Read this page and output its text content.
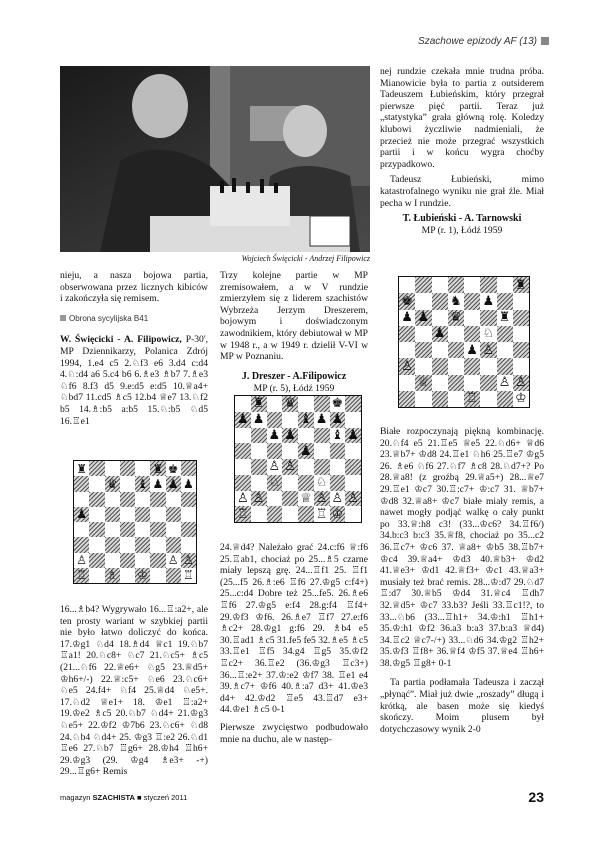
Szachowe epizody AF (13)
Wojciech Święcicki - Andrzej Filipowicz

nieju, a nasza bojowa partia, obserwowana przez licznych kibiców i zakończyła się remisem.

Obrona sycylijska B41

W. Święcicki - A. Filipowicz, P-30', MP Dziennikarzy, Polanica Zdrój 1994, 1.e4 c5 2.♘f3 e6 3.d4 c:d4 4.♘:d4 a6 5.c4 b6 6.♗e3 ♗b7 7.♗e3 ♘f6 8.f3 d5 9.e:d5 e:d5 10.♕a4+ ♘bd7 11.cd5 ♗c5 12.b4 ♕e7 13.♘f2 b5 14.♗:b5 a:b5 15.♘:b5 ♘d5 16.♖e1

♜	♜ ♚
♛ ♝ ♟ ♟ ♟
♟
♙	♙ ♙
♖ ♗ ♔	♖

16...♗b4? Wygrywało 16...♖:a2+, ale ten prosty wariant w szybkiej partii nie było łatwo doliczyć do końca. 17.♔g1 ♘d4 18.♗d4 ♕c1 19.♘b7 ♖a1! 20.♘c8+ ♘c7 21.♘c5+ ♗c5 (21...♘f6 22.♕e6+ ♘g5 23.♕d5+ ♔h6+/-) 22.♕:c5+ ♘e6 23.♘c6+ ♘e5 24.f4+ ♘f4 25.♕d4 ♘e5+. 17.♘d2 ♕e1+ 18. ♔e1 ♖:a2+ 19.♔e2 ♗c5 20.♘b7 ♘d4+ 21.♔g3 ♘e5+ 22.♔f2 ♔7b6 23.♘c6+ ♘d8 24.♘b4 ♘d4+ 25. ♔g3 ♖:e2 26.♘d1 ♖e6 27.♘b7 ♖g6+ 28.♔h4 ♖h6+ 29.♔g3 (29. ♔g4 ♗e3+ -+) 29...♖g6+ Remis

Trzy kolejne partie w MP zremisowałem, a w V rundzie zmierzyłem się z liderem szachistów Wybrzeża Jerzym Dreszerem, bojowym i doświadczonym zawodnikiem, który debiutował w MP w 1948 r., a w 1949 r. dzielił V-VI w MP w Poznaniu.

J. Dreszer - A.Filipowicz
MP (r. 5), Łódź 1959
♜ ♛	♚
♟ ♟	♝ ♟ ♟
♟ ♟	♝ ♟
♟
♙ ♙
♘	♘
♙ ♙	♕ ♙ ♙ ♙
♖	♖ ♔

24.♕d4? Należało grać 24.c:f6 ♕:f6 25.♖ab1, chociaż po 25...♗5 czarne miały lepszą grę. 24...♖f1 25. ♖f1 (25...f5 26.♗:e6 ♖f6 27.♔g5 c:f4+) 25...c:d4 Dobre też 25...fe5. 26.♗e6 ♖f6 27.♔g5 e:f4 28.g:f4 ♖f4+ 29.♔f3 ♔f6. 26.♗e7 ♖f7 27.e:f6 ♗c2+ 28.♔g1 g:f6 29. ♗b4 e5 30.♖ad1 ♗c5 31.fe5 fe5 32.♗e5 ♗c5 33.♖e1 ♖f5 34.g4 ♖g5 35.♔f2 ♖c2+ 36.♖e2 (36.♔g3 ♖c3+) 36...♖:e2+ 37.♔:e2 ♔f7 38. ♖e1 e4 39.♗c7+ ♔f6 40.♗:a7 d3+ 41.♔e3 d4+ 42.♔d2 ♖e5 43.♖d7 e3+ 44.♔e1 ♗c5 0-1

Pierwsze zwycięstwo podbudowało mnie na duchu, ale w następ-

nej rundzie czekała mnie trudna próba. Mianowicie była to partia z outsiderem Tadeuszem Łubieńskim, który przegrał pierwsze pięć partii. Teraz już „statystyka” grała główną rolę. Koledzy klubowi życzliwie nadmieniali, że przecież nie może przegrać wszystkich partii i w końcu wygra choćby przypadkowo.

Tadeusz Łubieński, mimo katastrofalnego wyniku nie grał źle. Miał pecha w I rundzie.

T. Łubieński - A. Tarnowski
MP (r. 1), Łódź 1959
♜
♚	♞ ♟
♟ ♟ ♛	♜
♟	♘
♟ ♙
♙
♕	♙ ♙
♖	♔

Białe rozpoczynają piękną kombinację. 20.♘f4 e5 21.♖e5 ♕e5 22.♘d6+ ♕d6 23.♕b7+ ♔d8 24.♖e1 ♘h6 25.♖e7 ♔g5 26. ♗e6 ♘f6 27.♘f7 ♗c8 28.♘d7+? Po 28.♕a8! (z groźbą 29.♕a5+) 28...♕e7 29.♖e1 ♔c7 30.♖:c7+ ♔:c7 31. ♕b7+ ♔d8 32.♕a8+ ♔c7 białe miały remis, a nawet mogły podjąć walkę o cały punkt po 33.♕:h8 c3! (33...♔c6? 34.♖f6/) 34.b:c3 b:c3 35.♕f8, chociaż po 35...c2 36.♖c7+ ♔c6 37. ♕a8+ ♔b5 38.♖b7+ ♔c4 39.♕a4+ ♔d3 40.♕b3+ ♔d2 41.♕e3+ ♔d1 42.♕f3+ ♔c1 43.♕a3+ musiały też brać remis. 28...♔:d7 29.♘d7 ♖:d7 30.♕b5 ♔d4 31.♕c4 ♖dh7 32.♕d5+ ♔c7 33.b3? Jeśli 33.♖c1!?, to 33...♘b6 (33...♖h1+ 34.♔:h1 ♖h1+ 35.♔:h1 ♔f2 36.a3 b:a3 37.b:a3 ♕d4) 34.♖c2 ♕c7-/+) 33...♘d6 34.♔g2 ♖h2+ 35.♔f3 ♖f8+ 36.♕f4 ♔f5 37.♕e4 ♖h6+ 38.♔g5 ♖g8+ 0-1

Ta partia podłamała Tadeusza i zaczął „płynąć”. Miał już dwie „roszady” długą i krótką, ale basen może się kiedyś skończy. Moim plusem był dotychczasowy wynik 2-0

magazyn SZACHISTA ■ styczeń 2011	23
